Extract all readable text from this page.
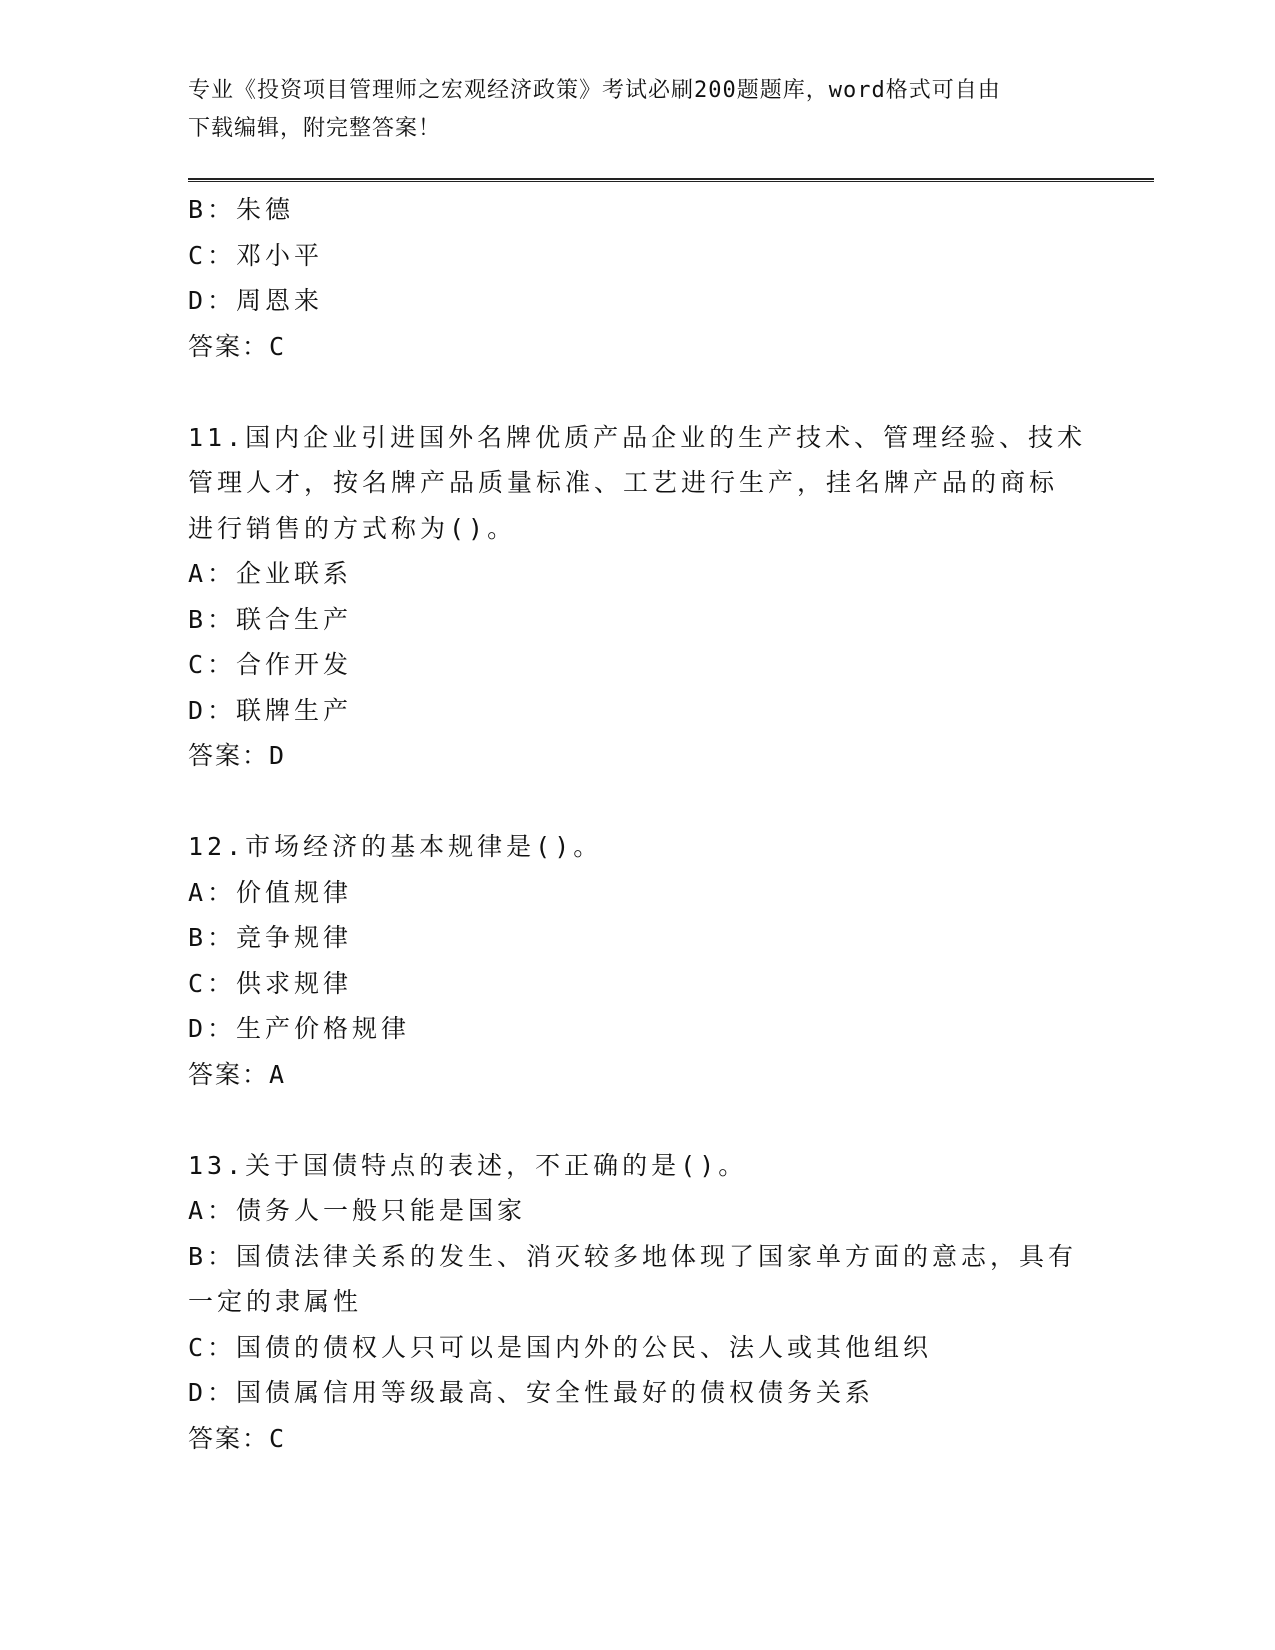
专业《投资项目管理师之宏观经济政策》考试必刷200题题库，word格式可自由
下载编辑，附完整答案！
B：朱德
C：邓小平
D：周恩来
答案：C
11.国内企业引进国外名牌优质产品企业的生产技术、管理经验、技术
管理人才，按名牌产品质量标准、工艺进行生产，挂名牌产品的商标
进行销售的方式称为()。
A：企业联系
B：联合生产
C：合作开发
D：联牌生产
答案：D
12.市场经济的基本规律是()。
A：价值规律
B：竞争规律
C：供求规律
D：生产价格规律
答案：A
13.关于国债特点的表述，不正确的是()。
A：债务人一般只能是国家
B：国债法律关系的发生、消灭较多地体现了国家单方面的意志，具有
一定的隶属性
C：国债的债权人只可以是国内外的公民、法人或其他组织
D：国债属信用等级最高、安全性最好的债权债务关系
答案：C
